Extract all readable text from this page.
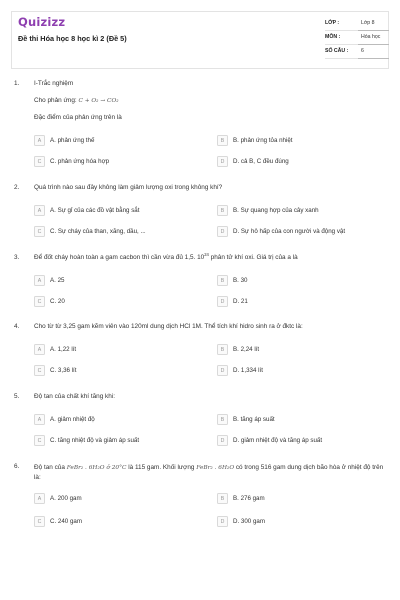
Quizizz
Đề thi Hóa học 8 học kì 2 (Đề 5)
LỚP :	Lớp 8
MÔN :	Hóa học
SỐ CÂU : 6
1. I-Trắc nghiệm
Cho phản ứng: C + O₂ → CO₂
Đặc điểm của phản ứng trên là
A	A. phản ứng thế	B	B. phản ứng tỏa nhiệt
C	C. phản ứng hóa hợp	D	D. cả B, C đều đúng
2. Quá trình nào sau đây không làm giảm lượng oxi trong không khí?
A	A. Sự gỉ của các đồ vật bằng sắt	B	B. Sự quang hợp của cây xanh
C	C. Sự cháy của than, xăng, dầu, ...	D	D. Sự hô hấp của con người và động vật
3. Để đốt cháy hoàn toàn a gam cacbon thì cần vừa đủ 1,5. $10^{24}$ phân tử khí oxi. Giá trị của a là
A	A. 25	B	B. 30
C	C. 20	D	D. 21
4. Cho từ từ 3,25 gam kẽm viên vào 120ml dung dịch HCl 1M. Thể tích khí hidro sinh ra ở đktc là:
A	A. 1,22 lít	B	B. 2,24 lít
C	C. 3,36 lít	D	D. 1,334 lít
5. Độ tan của chất khí tăng khi:
A	A. giảm nhiệt độ	B	B. tăng áp suất
C	C. tăng nhiệt độ và giảm áp suất	D	D. giảm nhiệt độ và tăng áp suất
6. Độ tan của FeBr₂ . 6H₂O ở 20°C là 115 gam. Khối lượng FeBr₂ . 6H₂O có trong 516 gam dung dịch bão hòa ở nhiệt độ trên là:
A	A. 200 gam	B	B. 276 gam
C	C. 240 gam	D	D. 300 gam
